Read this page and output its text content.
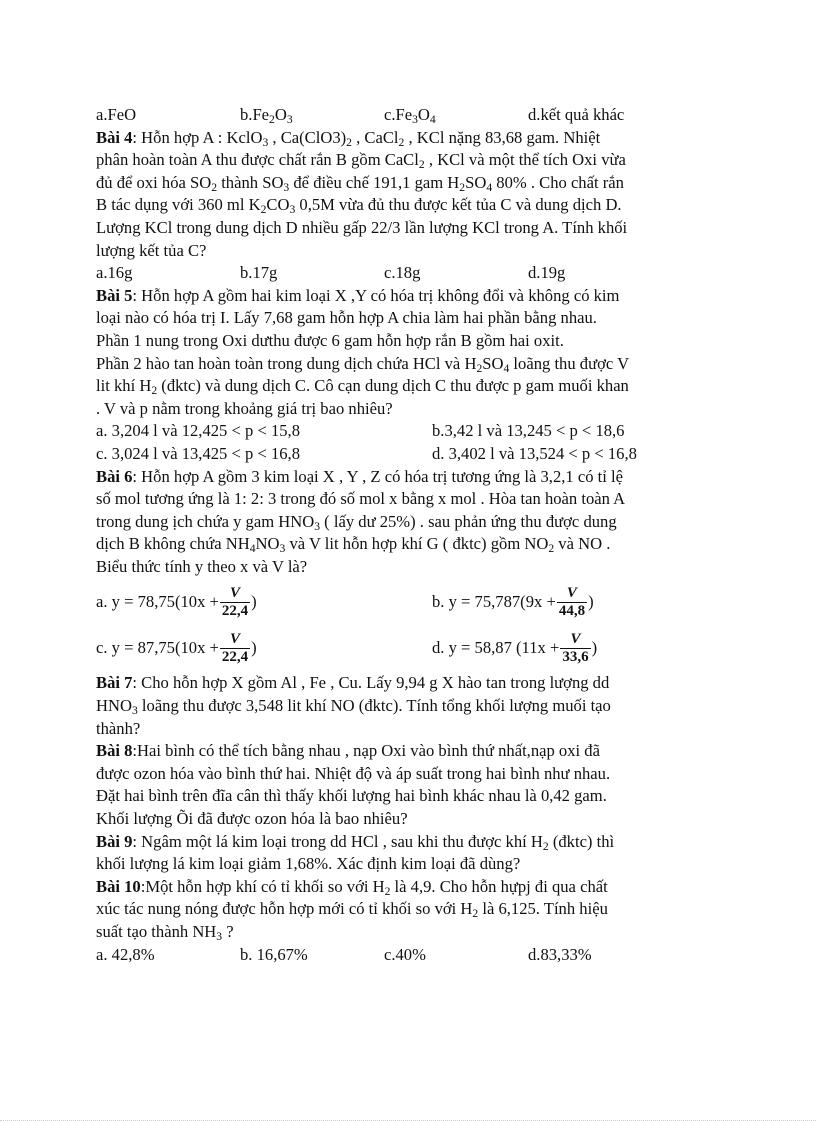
a.FeO	$b.Fe_2O_3$	$c.Fe_3O_4$	d.kết quả khác
Bài 4: Hỗn hợp A : KclO$_3$ , $Ca(ClO3)_2$ , CaCl$_2$ , KCl nặng 83,68 gam. Nhiệt
phân hoàn toàn A thu được chất rắn B gồm CaCl$_2$ , KCl và một thể tích Oxi vừa
đủ để oxi hóa $SO_2$ thành $SO_3$ để điều chế 191,1 gam $H_2SO_4$ 80% . Cho chất rắn
B tác dụng với 360 ml $K_2CO_3$ 0,5M vừa đủ thu được kết tủa C và dung dịch D.
Lượng KCl trong dung dịch D nhiều gấp 22/3 lần lượng KCl trong A. Tính khối
lượng kết tủa C?
a.16g	b.17g	c.18g	d.19g
Bài 5: Hỗn hợp A gồm hai kim loại X ,Y có hóa trị không đổi và không có kim
loại nào có hóa trị I. Lấy 7,68 gam hỗn hợp A chia làm hai phần bằng nhau.
Phần 1 nung trong Oxi dưthu được 6 gam hỗn hợp rắn B gồm hai oxit.
Phần 2 hào tan hoàn toàn trong dung dịch chứa HCl và $H_2SO_4$ loãng thu được V
lit khí $H_2$ (đktc) và dung dịch C. Cô cạn dung dịch C thu được p gam muối khan
. V và p nằm trong khoảng giá trị bao nhiêu?
a. 3,204 l và 12,425 < p < 15,8	b.3,42 l và 13,245 < p < 18,6
c. 3,024 l và 13,425 < p < 16,8	d. 3,402 l và 13,524 < p < 16,8
Bài 6: Hỗn hợp A gồm 3 kim loại X , Y , Z có hóa trị tương ứng là 3,2,1 có tỉ lệ
số mol tương ứng là 1: 2: 3 trong đó số mol x bằng x mol . Hòa tan hoàn toàn A
trong dung ịch chứa y gam $HNO_3$ ( lấy dư 25%) . sau phản ứng thu được dung
dịch B không chứa $NH_4NO_3$ và V lit hỗn hợp khí G ( đktc) gồm $NO_2$ và NO .
Biểu thức tính y theo x và V là?
a. $y = 78,75(10x + \frac{V}{22,4}$ )	b. $y = 75,787(9x + \frac{V}{44,8}$ )
c. $y = 87,75(10x + \frac{V}{22,4}$ )	d. y = 58,87 ($11x + \frac{V}{33,6}$ )
Bài 7: Cho hỗn hợp X gồm Al , Fe , Cu. Lấy 9,94 g X hào tan trong lượng dd
$HNO_3$ loãng thu được 3,548 lit khí NO (đktc). Tính tổng khối lượng muối tạo
thành?
Bài 8:Hai bình có thể tích bằng nhau , nạp Oxi vào bình thứ nhất,nạp oxi đã
được ozon hóa vào bình thứ hai. Nhiệt độ và áp suất trong hai bình như nhau.
Đặt hai bình trên đĩa cân thì thấy khối lượng hai bình khác nhau là 0,42 gam.
Khối lượng Õi đã được ozon hóa là bao nhiêu?
Bài 9: Ngâm một lá kim loại trong dd HCl , sau khi thu được khí $H_2$ (đktc) thì
khối lượng lá kim loại giảm 1,68%. Xác định kim loại đã dùng?
Bài 10:Một hỗn hợp khí có tỉ khối so với $H_2$ là 4,9. Cho hỗn hựpj đi qua chất
xúc tác nung nóng được hỗn hợp mới có tỉ khối so với $H_2$ là 6,125. Tính hiệu
suất tạo thành $NH_3$ ?
a. 42,8%	b. 16,67%	c.40%	d.83,33%
